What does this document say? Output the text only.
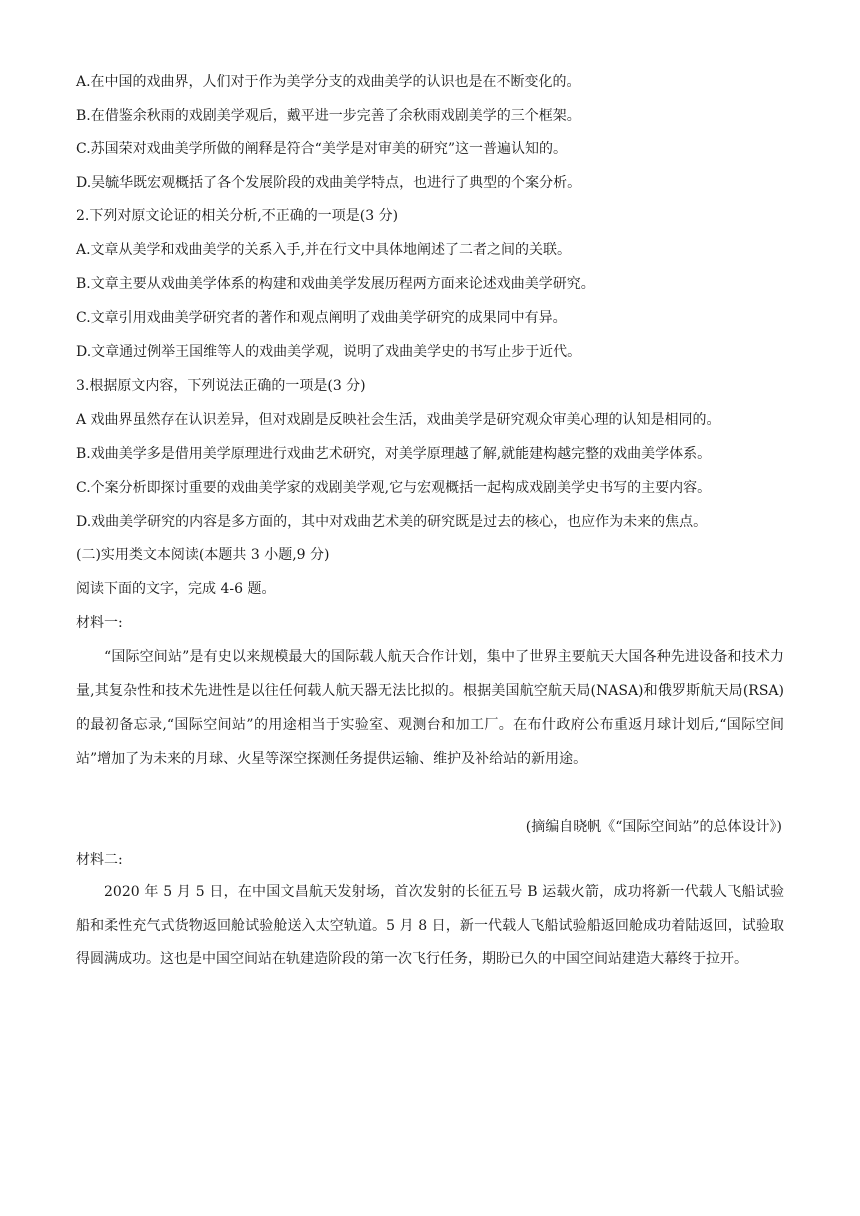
A.在中国的戏曲界，人们对于作为美学分支的戏曲美学的认识也是在不断变化的。
B.在借鉴余秋雨的戏剧美学观后，戴平进一步完善了余秋雨戏剧美学的三个框架。
C.苏国荣对戏曲美学所做的阐释是符合“美学是对审美的研究”这一普遍认知的。
D.吴毓华既宏观概括了各个发展阶段的戏曲美学特点，也进行了典型的个案分析。
2.下列对原文论证的相关分析,不正确的一项是(3 分)
A.文章从美学和戏曲美学的关系入手,并在行文中具体地阐述了二者之间的关联。
B.文章主要从戏曲美学体系的构建和戏曲美学发展历程两方面来论述戏曲美学研究。
C.文章引用戏曲美学研究者的著作和观点阐明了戏曲美学研究的成果同中有异。
D.文章通过例举王国维等人的戏曲美学观，说明了戏曲美学史的书写止步于近代。
3.根据原文内容，下列说法正确的一项是(3 分)
A 戏曲界虽然存在认识差异，但对戏剧是反映社会生活，戏曲美学是研究观众审美心理的认知是相同的。
B.戏曲美学多是借用美学原理进行戏曲艺术研究，对美学原理越了解,就能建构越完整的戏曲美学体系。
C.个案分析即探讨重要的戏曲美学家的戏剧美学观,它与宏观概括一起构成戏剧美学史书写的主要内容。
D.戏曲美学研究的内容是多方面的，其中对戏曲艺术美的研究既是过去的核心，也应作为未来的焦点。
(二)实用类文本阅读(本题共 3 小题,9 分)
阅读下面的文字，完成 4-6 题。
材料一:
“国际空间站”是有史以来规模最大的国际载人航天合作计划，集中了世界主要航天大国各种先进设备和技术力量,其复杂性和技术先进性是以往任何载人航天器无法比拟的。根据美国航空航天局(NASA)和俄罗斯航天局(RSA)的最初备忘录,“国际空间站”的用途相当于实验室、观测台和加工厂。在布什政府公布重返月球计划后,“国际空间站”增加了为未来的月球、火星等深空探测任务提供运输、维护及补给站的新用途。
(摘编自晓帆《“国际空间站”的总体设计》)
材料二:
2020 年 5 月 5 日，在中国文昌航天发射场，首次发射的长征五号 B 运载火箭，成功将新一代载人飞船试验船和柔性充气式货物返回舱试验舱送入太空轨道。5 月 8 日，新一代载人飞船试验船返回舱成功着陆返回，试验取得圆满成功。这也是中国空间站在轨建造阶段的第一次飞行任务，期盼已久的中国空间站建造大幕终于拉开。
